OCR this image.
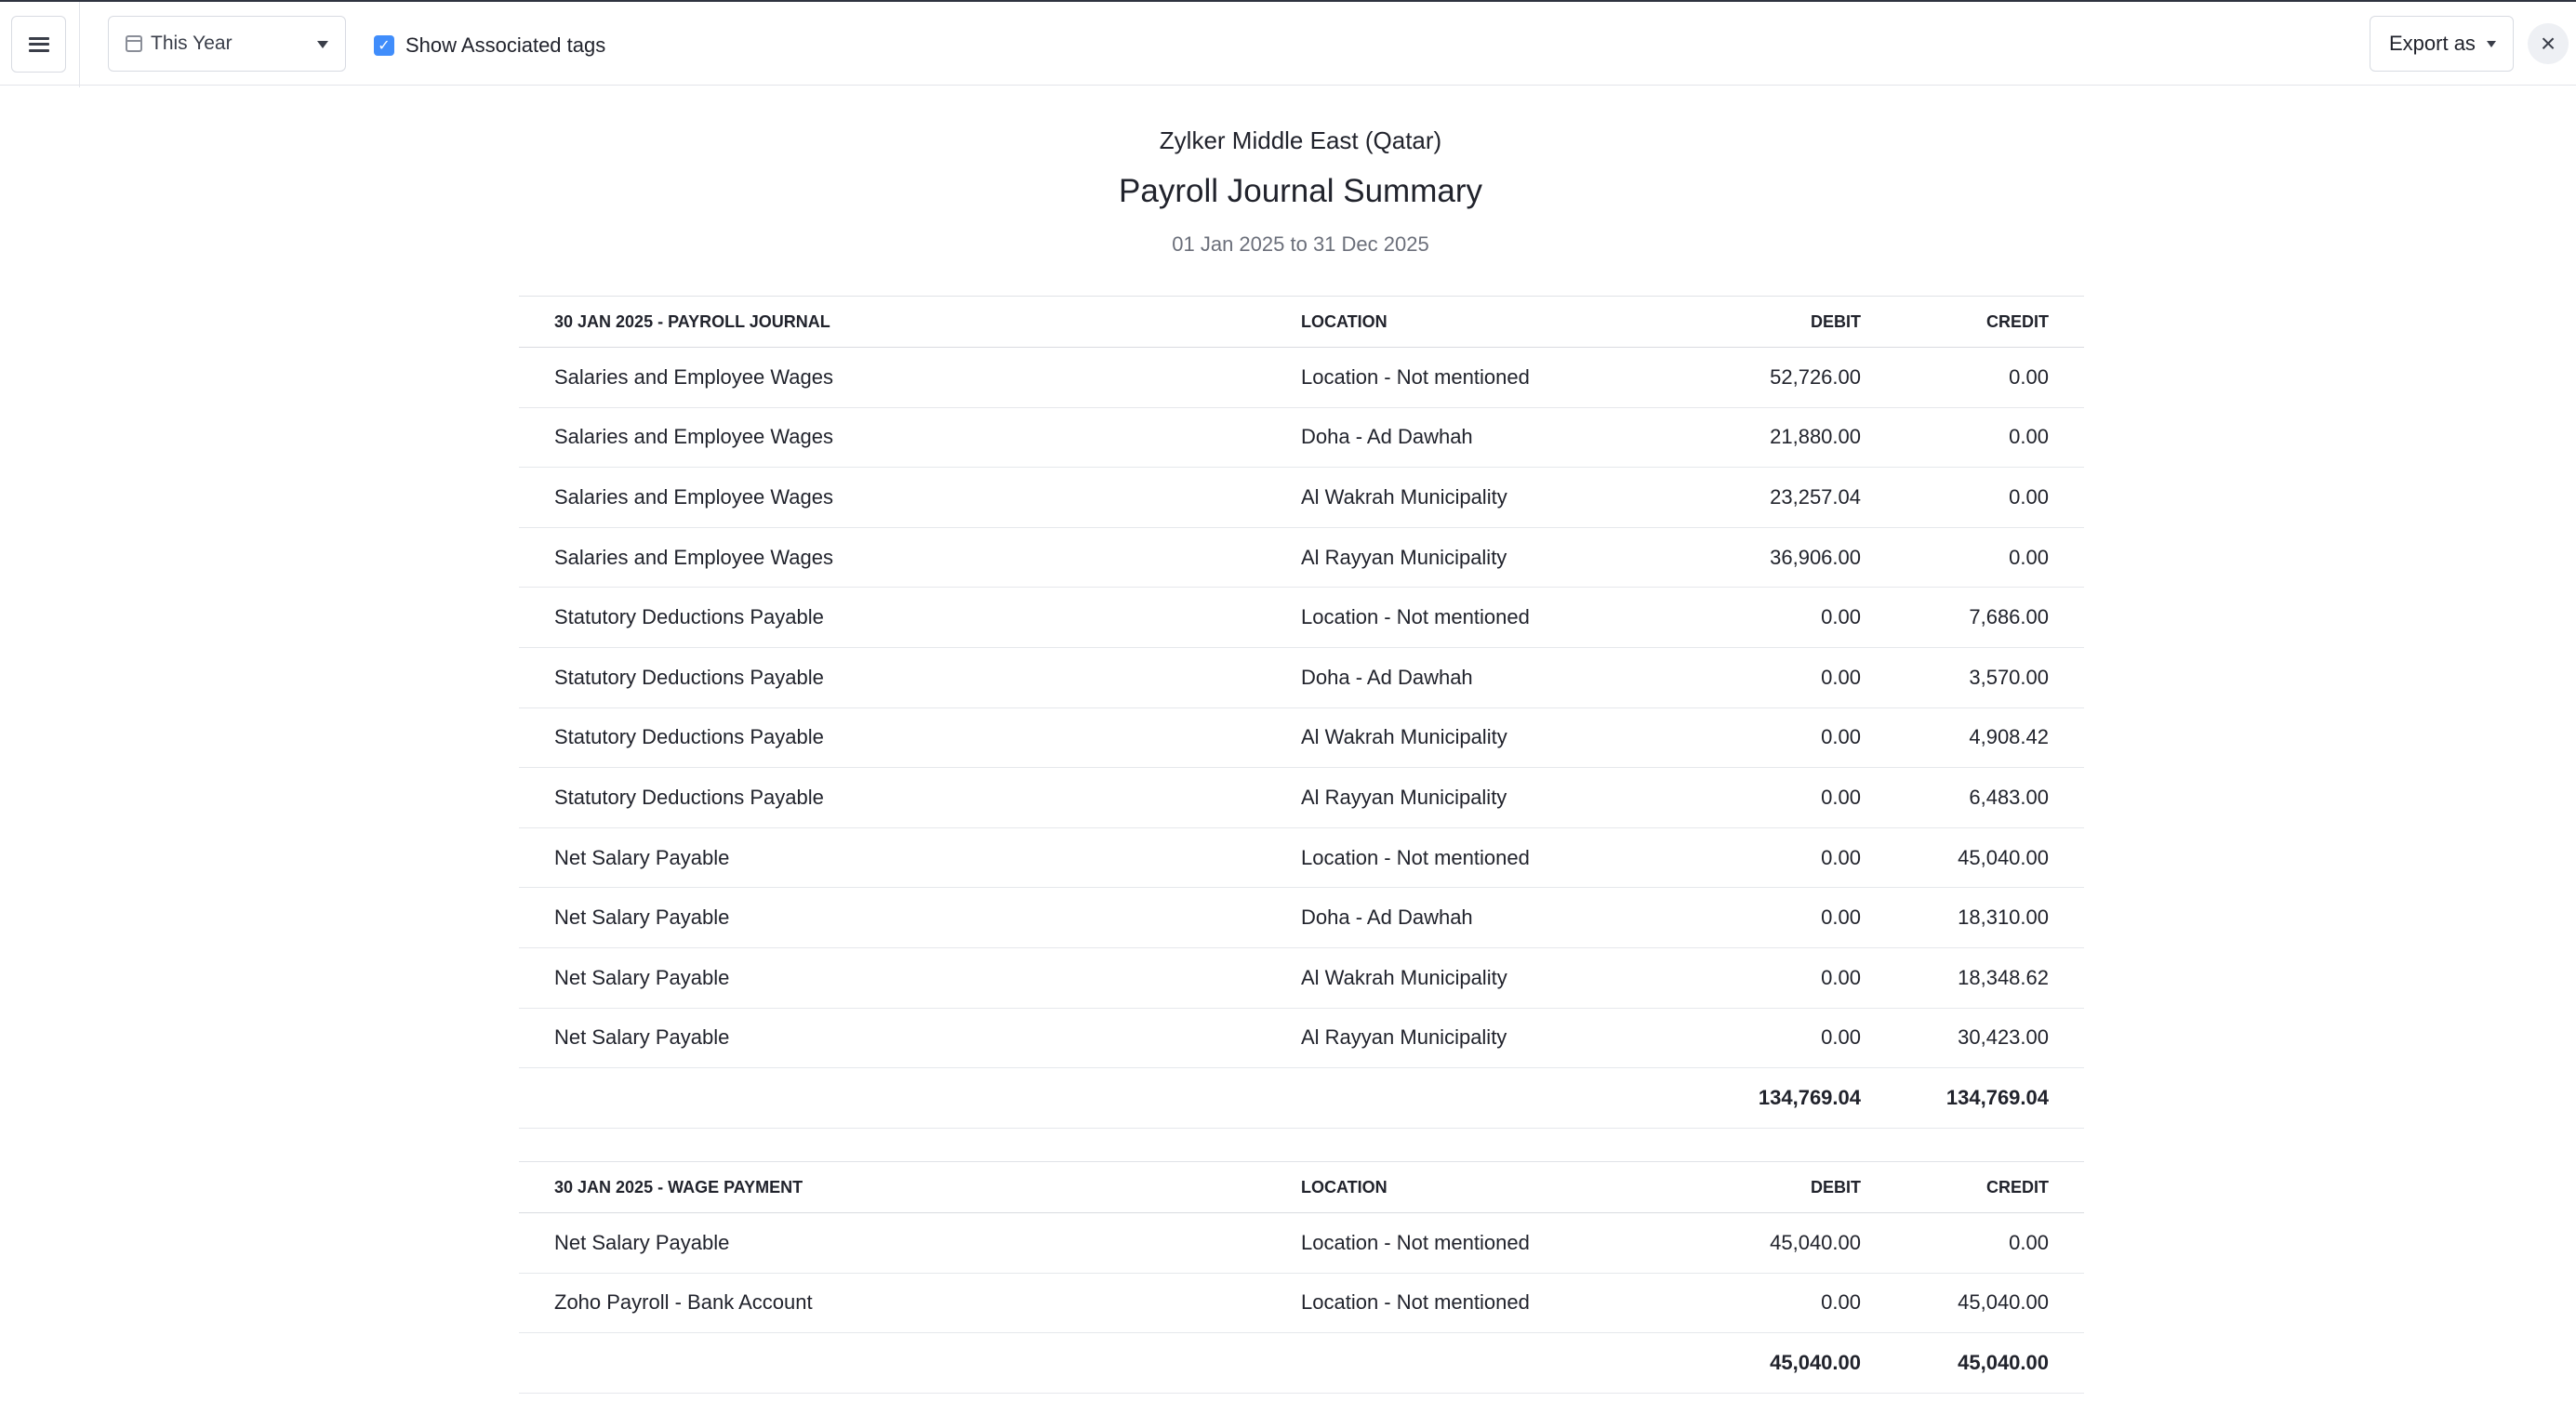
This Year	✓ Show Associated tags	Export as ×
Zylker Middle East (Qatar)
Payroll Journal Summary
01 Jan 2025 to 31 Dec 2025
30 JAN 2025 - PAYROLL JOURNAL	LOCATION	DEBIT	CREDIT
Salaries and Employee Wages	Location - Not mentioned	52,726.00	0.00
Salaries and Employee Wages	Doha - Ad Dawhah	21,880.00	0.00
Salaries and Employee Wages	Al Wakrah Municipality	23,257.04	0.00
Salaries and Employee Wages	Al Rayyan Municipality	36,906.00	0.00
Statutory Deductions Payable	Location - Not mentioned	0.00	7,686.00
Statutory Deductions Payable	Doha - Ad Dawhah	0.00	3,570.00
Statutory Deductions Payable	Al Wakrah Municipality	0.00	4,908.42
Statutory Deductions Payable	Al Rayyan Municipality	0.00	6,483.00
Net Salary Payable	Location - Not mentioned	0.00	45,040.00
Net Salary Payable	Doha - Ad Dawhah	0.00	18,310.00
Net Salary Payable	Al Wakrah Municipality	0.00	18,348.62
Net Salary Payable	Al Rayyan Municipality	0.00	30,423.00
		134,769.04	134,769.04
30 JAN 2025 - WAGE PAYMENT	LOCATION	DEBIT	CREDIT
Net Salary Payable	Location - Not mentioned	45,040.00	0.00
Zoho Payroll - Bank Account	Location - Not mentioned	0.00	45,040.00
		45,040.00	45,040.00
